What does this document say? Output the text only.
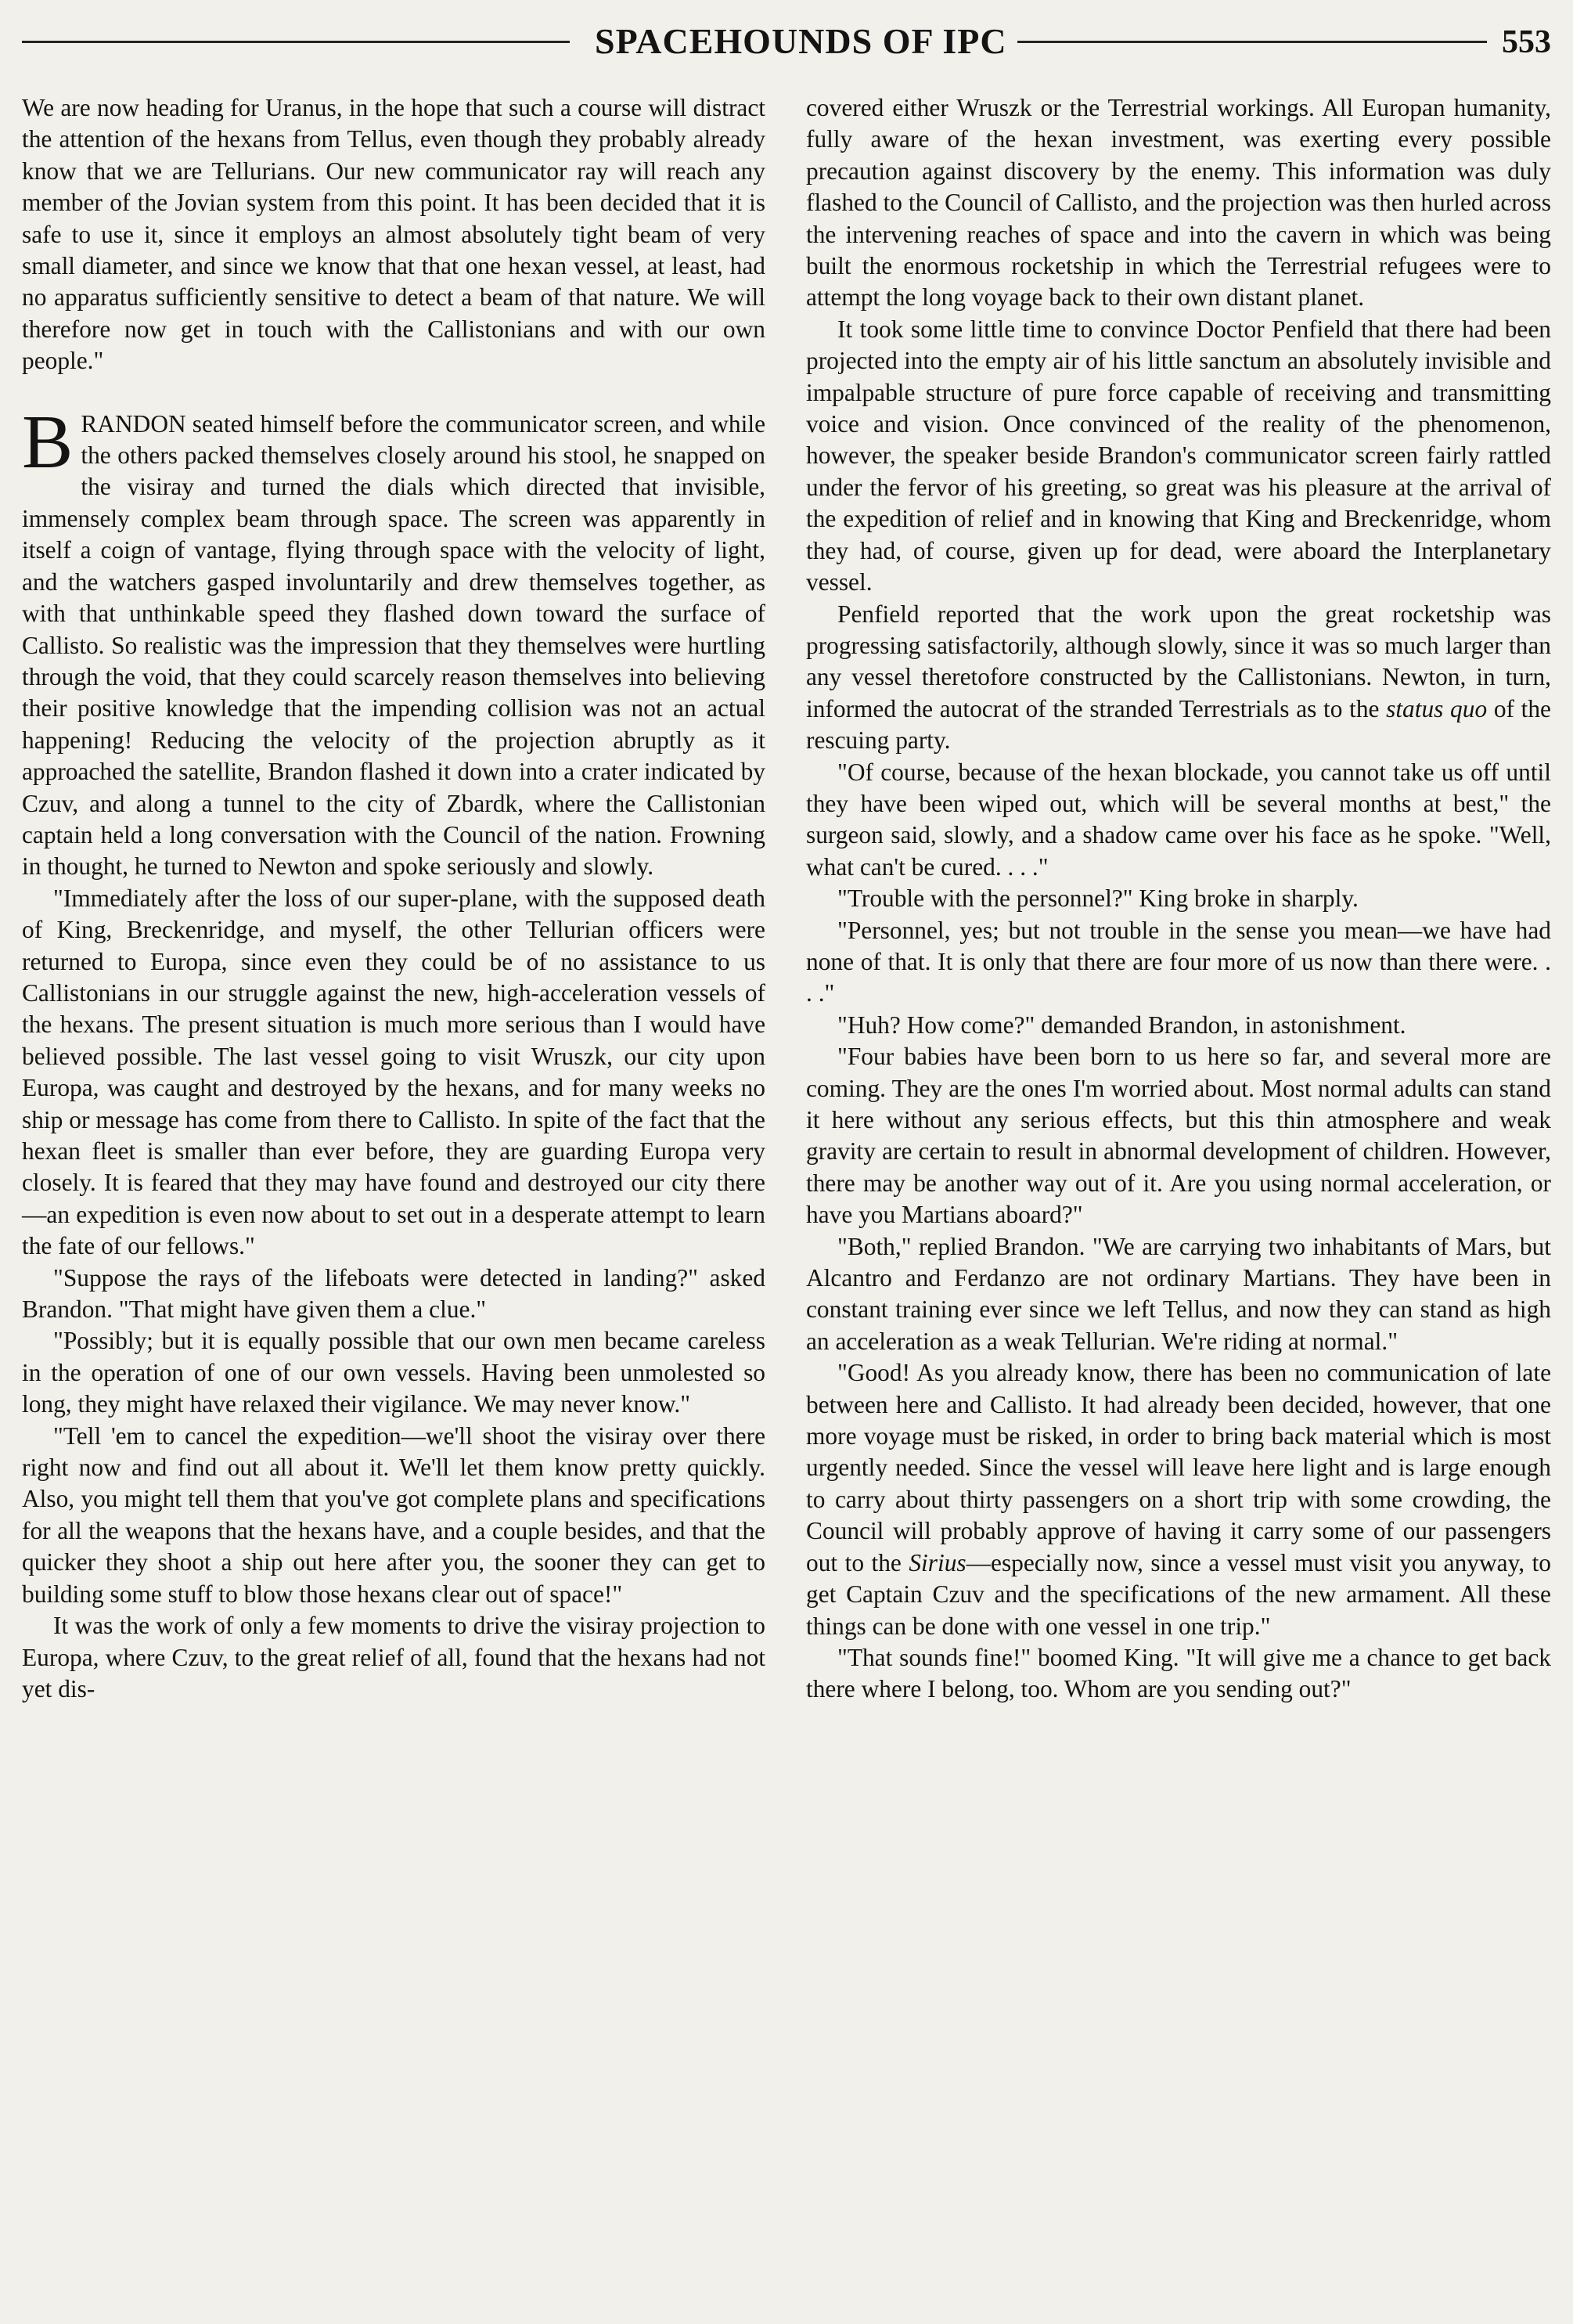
SPACEHOUNDS OF IPC	553

We are now heading for Uranus, in the hope that such a course will distract the attention of the hexans from Tellus, even though they probably already know that we are Tellurians. Our new communicator ray will reach any member of the Jovian system from this point. It has been decided that it is safe to use it, since it employs an almost absolutely tight beam of very small diameter, and since we know that that one hexan vessel, at least, had no apparatus sufficiently sensitive to detect a beam of that nature. We will therefore now get in touch with the Callistonians and with our own people."

BRANDON seated himself before the communicator screen, and while the others packed themselves closely around his stool, he snapped on the visiray and turned the dials which directed that invisible, immensely complex beam through space. The screen was apparently in itself a coign of vantage, flying through space with the velocity of light, and the watchers gasped involuntarily and drew themselves together, as with that unthinkable speed they flashed down toward the surface of Callisto. So realistic was the impression that they themselves were hurtling through the void, that they could scarcely reason themselves into believing their positive knowledge that the impending collision was not an actual happening! Reducing the velocity of the projection abruptly as it approached the satellite, Brandon flashed it down into a crater indicated by Czuv, and along a tunnel to the city of Zbardk, where the Callistonian captain held a long conversation with the Council of the nation. Frowning in thought, he turned to Newton and spoke seriously and slowly.

"Immediately after the loss of our super-plane, with the supposed death of King, Breckenridge, and myself, the other Tellurian officers were returned to Europa, since even they could be of no assistance to us Callistonians in our struggle against the new, high-acceleration vessels of the hexans. The present situation is much more serious than I would have believed possible. The last vessel going to visit Wruszk, our city upon Europa, was caught and destroyed by the hexans, and for many weeks no ship or message has come from there to Callisto. In spite of the fact that the hexan fleet is smaller than ever before, they are guarding Europa very closely. It is feared that they may have found and destroyed our city there—an expedition is even now about to set out in a desperate attempt to learn the fate of our fellows."

"Suppose the rays of the lifeboats were detected in landing?" asked Brandon. "That might have given them a clue."

"Possibly; but it is equally possible that our own men became careless in the operation of one of our own vessels. Having been unmolested so long, they might have relaxed their vigilance. We may never know."

"Tell 'em to cancel the expedition—we'll shoot the visiray over there right now and find out all about it. We'll let them know pretty quickly. Also, you might tell them that you've got complete plans and specifications for all the weapons that the hexans have, and a couple besides, and that the quicker they shoot a ship out here after you, the sooner they can get to building some stuff to blow those hexans clear out of space!"

It was the work of only a few moments to drive the visiray projection to Europa, where Czuv, to the great relief of all, found that the hexans had not yet dis-

covered either Wruszk or the Terrestrial workings. All Europan humanity, fully aware of the hexan investment, was exerting every possible precaution against discovery by the enemy. This information was duly flashed to the Council of Callisto, and the projection was then hurled across the intervening reaches of space and into the cavern in which was being built the enormous rocketship in which the Terrestrial refugees were to attempt the long voyage back to their own distant planet.

It took some little time to convince Doctor Penfield that there had been projected into the empty air of his little sanctum an absolutely invisible and impalpable structure of pure force capable of receiving and transmitting voice and vision. Once convinced of the reality of the phenomenon, however, the speaker beside Brandon's communicator screen fairly rattled under the fervor of his greeting, so great was his pleasure at the arrival of the expedition of relief and in knowing that King and Breckenridge, whom they had, of course, given up for dead, were aboard the Interplanetary vessel.

Penfield reported that the work upon the great rocketship was progressing satisfactorily, although slowly, since it was so much larger than any vessel theretofore constructed by the Callistonians. Newton, in turn, informed the autocrat of the stranded Terrestrials as to the status quo of the rescuing party.

"Of course, because of the hexan blockade, you cannot take us off until they have been wiped out, which will be several months at best," the surgeon said, slowly, and a shadow came over his face as he spoke. "Well, what can't be cured. . . ."

"Trouble with the personnel?" King broke in sharply.

"Personnel, yes; but not trouble in the sense you mean—we have had none of that. It is only that there are four more of us now than there were. . . ."

"Huh? How come?" demanded Brandon, in astonishment.

"Four babies have been born to us here so far, and several more are coming. They are the ones I'm worried about. Most normal adults can stand it here without any serious effects, but this thin atmosphere and weak gravity are certain to result in abnormal development of children. However, there may be another way out of it. Are you using normal acceleration, or have you Martians aboard?"

"Both," replied Brandon. "We are carrying two inhabitants of Mars, but Alcantro and Ferdanzo are not ordinary Martians. They have been in constant training ever since we left Tellus, and now they can stand as high an acceleration as a weak Tellurian. We're riding at normal."

"Good! As you already know, there has been no communication of late between here and Callisto. It had already been decided, however, that one more voyage must be risked, in order to bring back material which is most urgently needed. Since the vessel will leave here light and is large enough to carry about thirty passengers on a short trip with some crowding, the Council will probably approve of having it carry some of our passengers out to the Sirius—especially now, since a vessel must visit you anyway, to get Captain Czuv and the specifications of the new armament. All these things can be done with one vessel in one trip."

"That sounds fine!" boomed King. "It will give me a chance to get back there where I belong, too. Whom are you sending out?"
